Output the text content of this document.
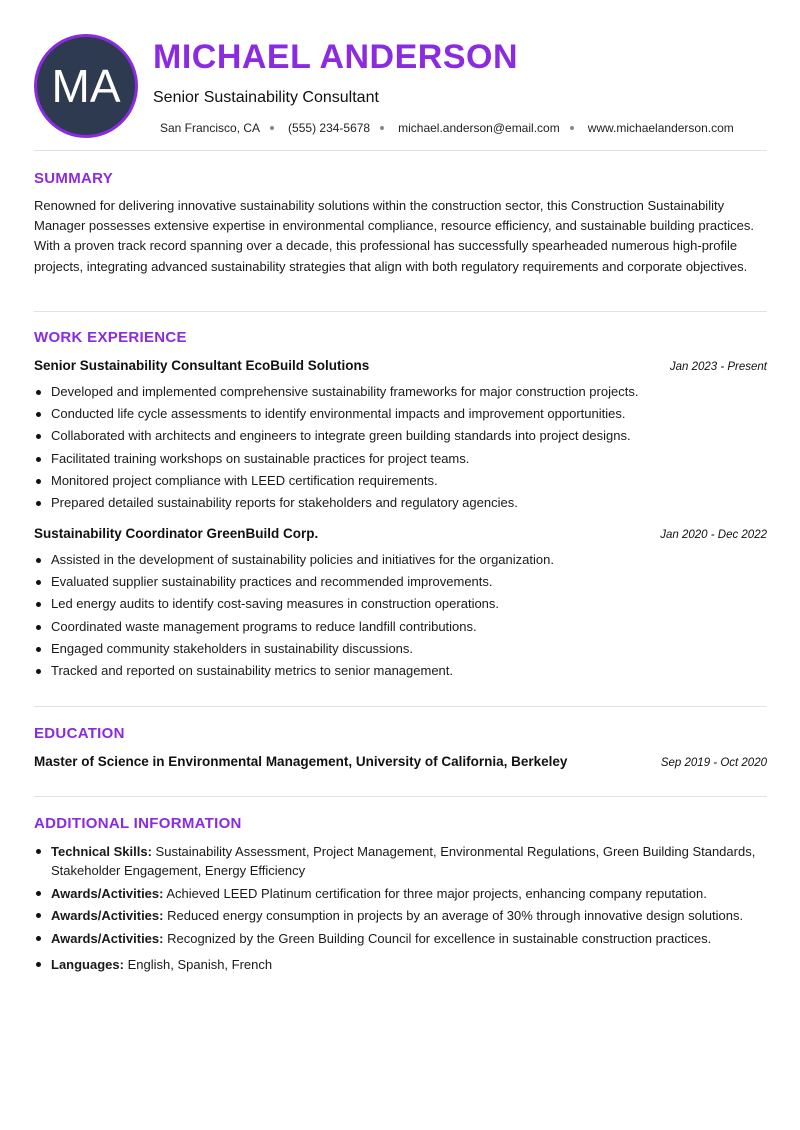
MA
MICHAEL ANDERSON
Senior Sustainability Consultant
San Francisco, CA (555) 234-5678 michael.anderson@email.com www.michaelanderson.com
SUMMARY
Renowned for delivering innovative sustainability solutions within the construction sector, this Construction Sustainability Manager possesses extensive expertise in environmental compliance, resource efficiency, and sustainable building practices. With a proven track record spanning over a decade, this professional has successfully spearheaded numerous high-profile projects, integrating advanced sustainability strategies that align with both regulatory requirements and corporate objectives.
WORK EXPERIENCE
Senior Sustainability Consultant EcoBuild Solutions	Jan 2023 - Present
Developed and implemented comprehensive sustainability frameworks for major construction projects.
Conducted life cycle assessments to identify environmental impacts and improvement opportunities.
Collaborated with architects and engineers to integrate green building standards into project designs.
Facilitated training workshops on sustainable practices for project teams.
Monitored project compliance with LEED certification requirements.
Prepared detailed sustainability reports for stakeholders and regulatory agencies.
Sustainability Coordinator GreenBuild Corp.	Jan 2020 - Dec 2022
Assisted in the development of sustainability policies and initiatives for the organization.
Evaluated supplier sustainability practices and recommended improvements.
Led energy audits to identify cost-saving measures in construction operations.
Coordinated waste management programs to reduce landfill contributions.
Engaged community stakeholders in sustainability discussions.
Tracked and reported on sustainability metrics to senior management.
EDUCATION
Master of Science in Environmental Management, University of California, Berkeley	Sep 2019 - Oct 2020
ADDITIONAL INFORMATION
Technical Skills: Sustainability Assessment, Project Management, Environmental Regulations, Green Building Standards, Stakeholder Engagement, Energy Efficiency
Awards/Activities: Achieved LEED Platinum certification for three major projects, enhancing company reputation.
Awards/Activities: Reduced energy consumption in projects by an average of 30% through innovative design solutions.
Awards/Activities: Recognized by the Green Building Council for excellence in sustainable construction practices.
Languages: English, Spanish, French
